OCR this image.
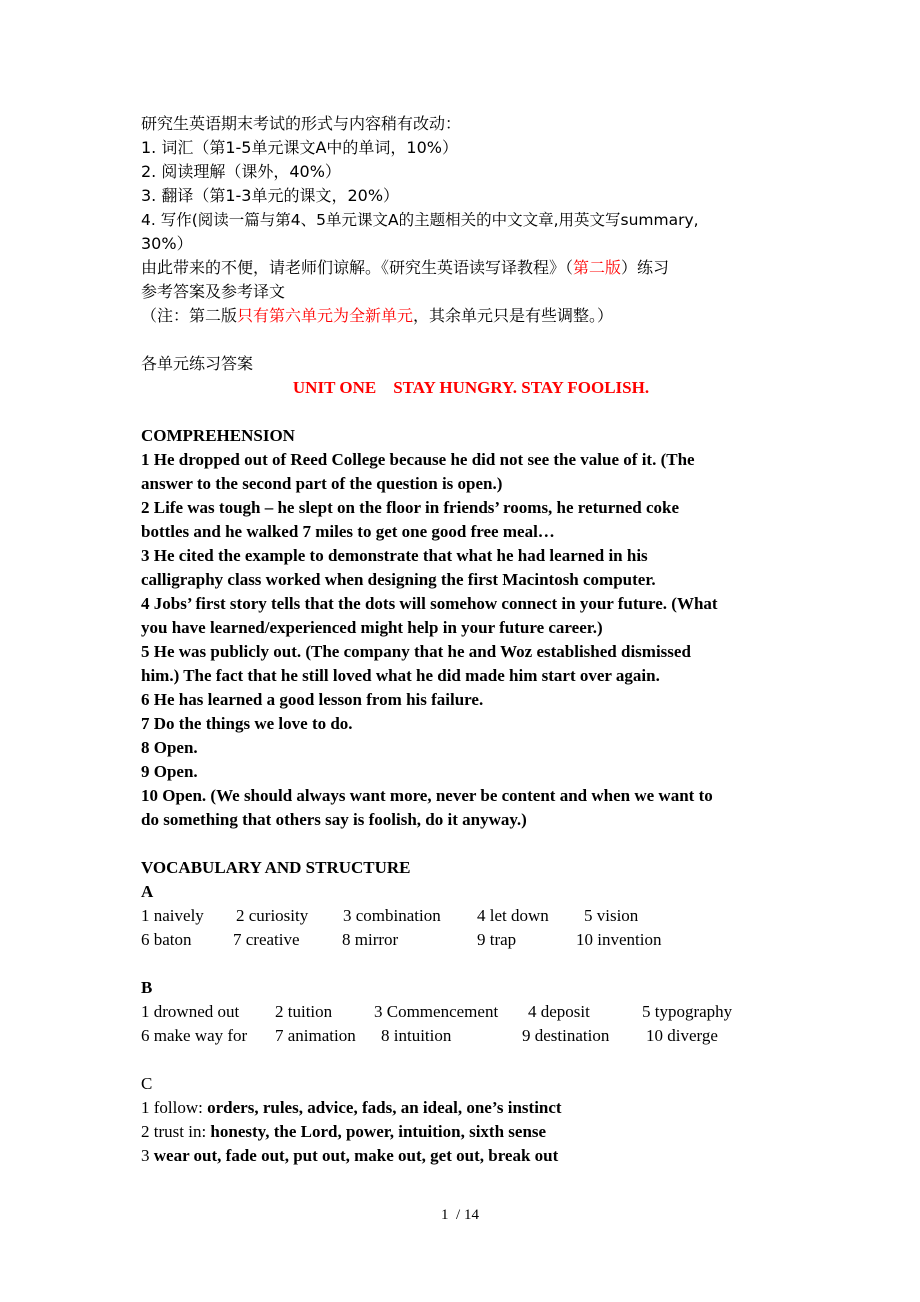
研究生英语期末考试的形式与内容稍有改动：
1. 词汇（第1-5单元课文A中的单词，10%）
2. 阅读理解（课外，40%）
3. 翻译（第1-3单元的课文，20%）
4. 写作(阅读一篇与第4、5单元课文A的主题相关的中文文章,用英文写summary,
30%）
由此带来的不便，请老师们谅解。《研究生英语读写译教程》（第二版）练习
参考答案及参考译文
（注：第二版只有第六单元为全新单元，其余单元只是有些调整。）
各单元练习答案
UNIT ONE    STAY HUNGRY. STAY FOOLISH.
COMPREHENSION
1 He dropped out of Reed College because he did not see the value of it. (The
answer to the second part of the question is open.)
2 Life was tough – he slept on the floor in friends’ rooms, he returned coke
bottles and he walked 7 miles to get one good free meal…
3 He cited the example to demonstrate that what he had learned in his
calligraphy class worked when designing the first Macintosh computer.
4 Jobs’ first story tells that the dots will somehow connect in your future. (What
you have learned/experienced might help in your future career.)
5 He was publicly out. (The company that he and Woz established dismissed
him.) The fact that he still loved what he did made him start over again.
6 He has learned a good lesson from his failure.
7 Do the things we love to do.
8 Open.
9 Open.
10 Open. (We should always want more, never be content and when we want to
do something that others say is foolish, do it anyway.)
VOCABULARY AND STRUCTURE
A
1 naively 2 curiosity 3 combination 4 let down 5 vision
6 baton 7 creative 8 mirror	9 trap	10 invention
B
1 drowned out 2 tuition 3 Commencement 4 deposit	5 typography
6 make way for 7 animation 8 intuition	9 destination 10 diverge
C
1 follow: orders, rules, advice, fads, an ideal, one’s instinct
2 trust in: honesty, the Lord, power, intuition, sixth sense
3 wear out, fade out, put out, make out, get out, break out
1  / 14
